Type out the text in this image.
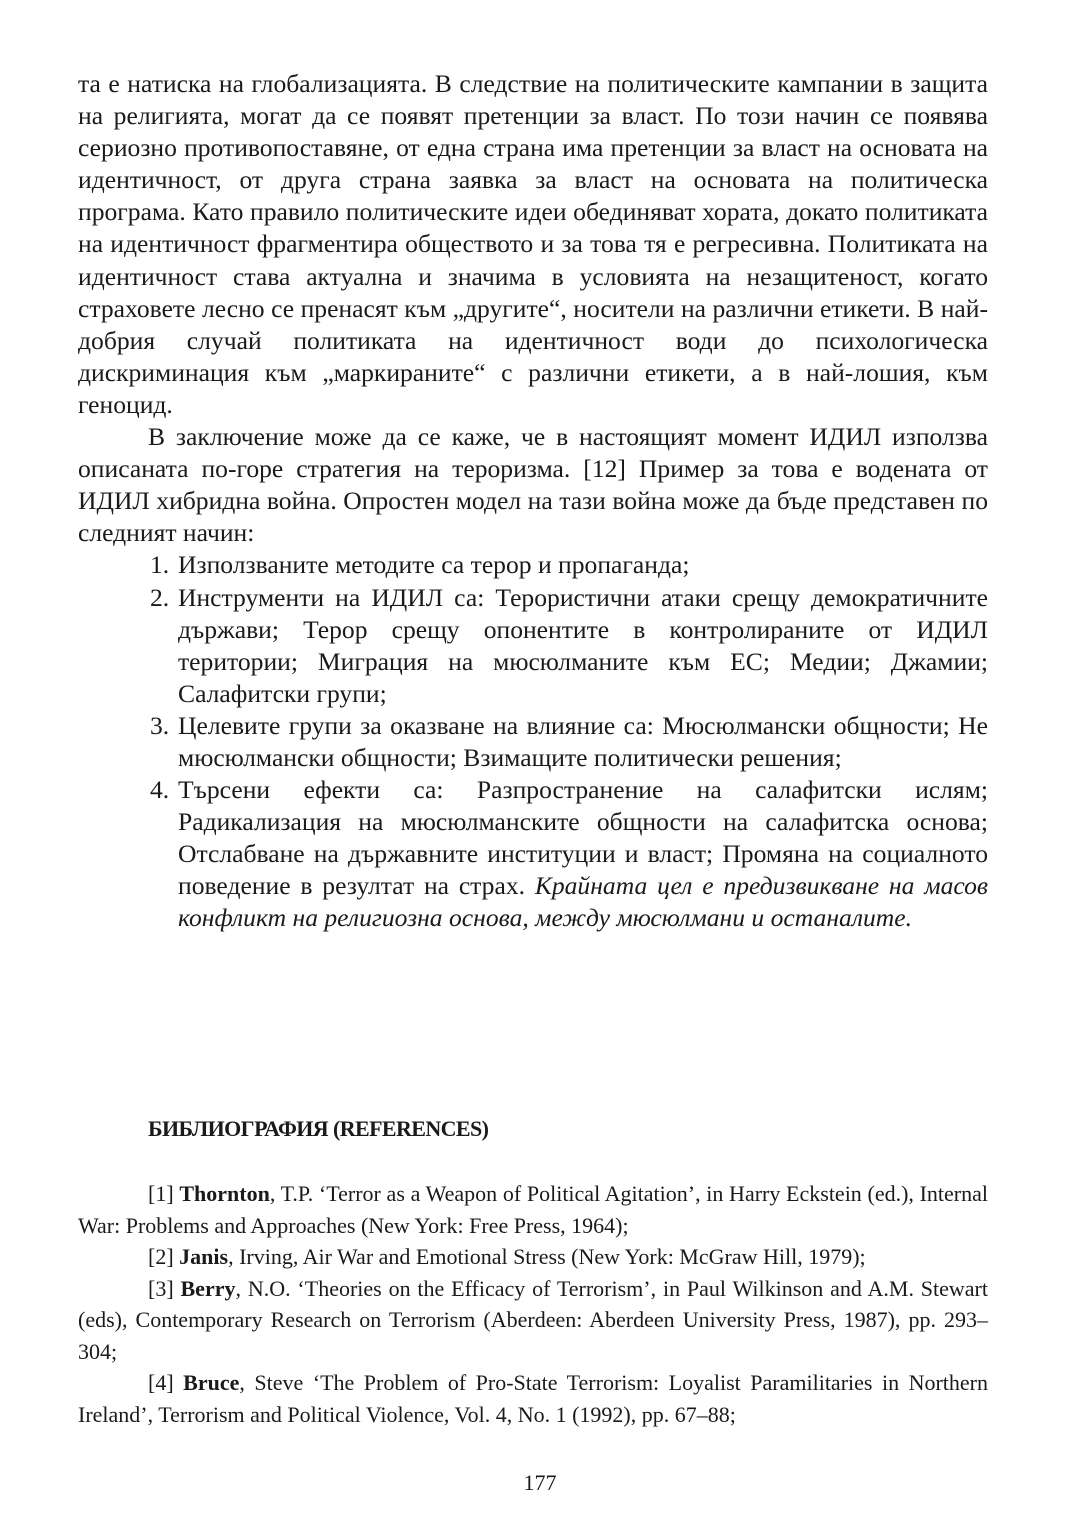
та е натиска на глобализацията. В следствие на политическите кампании в защита на религията, могат да се появят претенции за власт. По този начин се появява сериозно противопоставяне, от една страна има претенции за власт на основата на идентичност, от друга страна заявка за власт на основата на политическа програма. Като правило политическите идеи обединяват хората, докато политиката на идентичност фрагментира обществото и за това тя е регресивна. Политиката на идентичност става актуална и значима в условията на незащитеност, когато страховете лесно се пренасят към „другите“, носители на различни етикети. В най-добрия случай политиката на идентичност води до психологическа дискриминация към „маркираните“ с различни етикети, а в най-лошия, към геноцид.

В заключение може да се каже, че в настоящият момент ИДИЛ използва описаната по-горе стратегия на тероризма. [12] Пример за това е водената от ИДИЛ хибридна война. Опростен модел на тази война може да бъде представен по следният начин:

1. Използваните методите са терор и пропаганда;
2. Инструменти на ИДИЛ са: Терористични атаки срещу демократичните държави; Терор срещу опонентите в контролираните от ИДИЛ територии; Миграция на мюсюлманите към ЕС; Медии; Джамии; Салафитски групи;
3. Целевите групи за оказване на влияние са: Мюсюлмански общности; Не мюсюлмански общности; Взимащите политически решения;
4. Търсени ефекти са: Разпространение на салафитски ислям; Радикализация на мюсюлманските общности на салафитска основа; Отслабване на държавните институции и власт; Промяна на социалното поведение в резултат на страх. Крайната цел е предизвикване на масов конфликт на религиозна основа, между мюсюлмани и останалите.
БИБЛИОГРАФИЯ (REFERENCES)

[1] Thornton, T.P. ‘Terror as a Weapon of Political Agitation’, in Harry Eckstein (ed.), Internal War: Problems and Approaches (New York: Free Press, 1964);

[2] Janis, Irving, Air War and Emotional Stress (New York: McGraw Hill, 1979);

[3] Berry, N.O. ‘Theories on the Efficacy of Terrorism’, in Paul Wilkinson and A.M. Stewart (eds), Contemporary Research on Terrorism (Aberdeen: Aberdeen University Press, 1987), pp. 293–304;

[4] Bruce, Steve ‘The Problem of Pro-State Terrorism: Loyalist Paramilitaries in Northern Ireland’, Terrorism and Political Violence, Vol. 4, No. 1 (1992), pp. 67–88;

177
